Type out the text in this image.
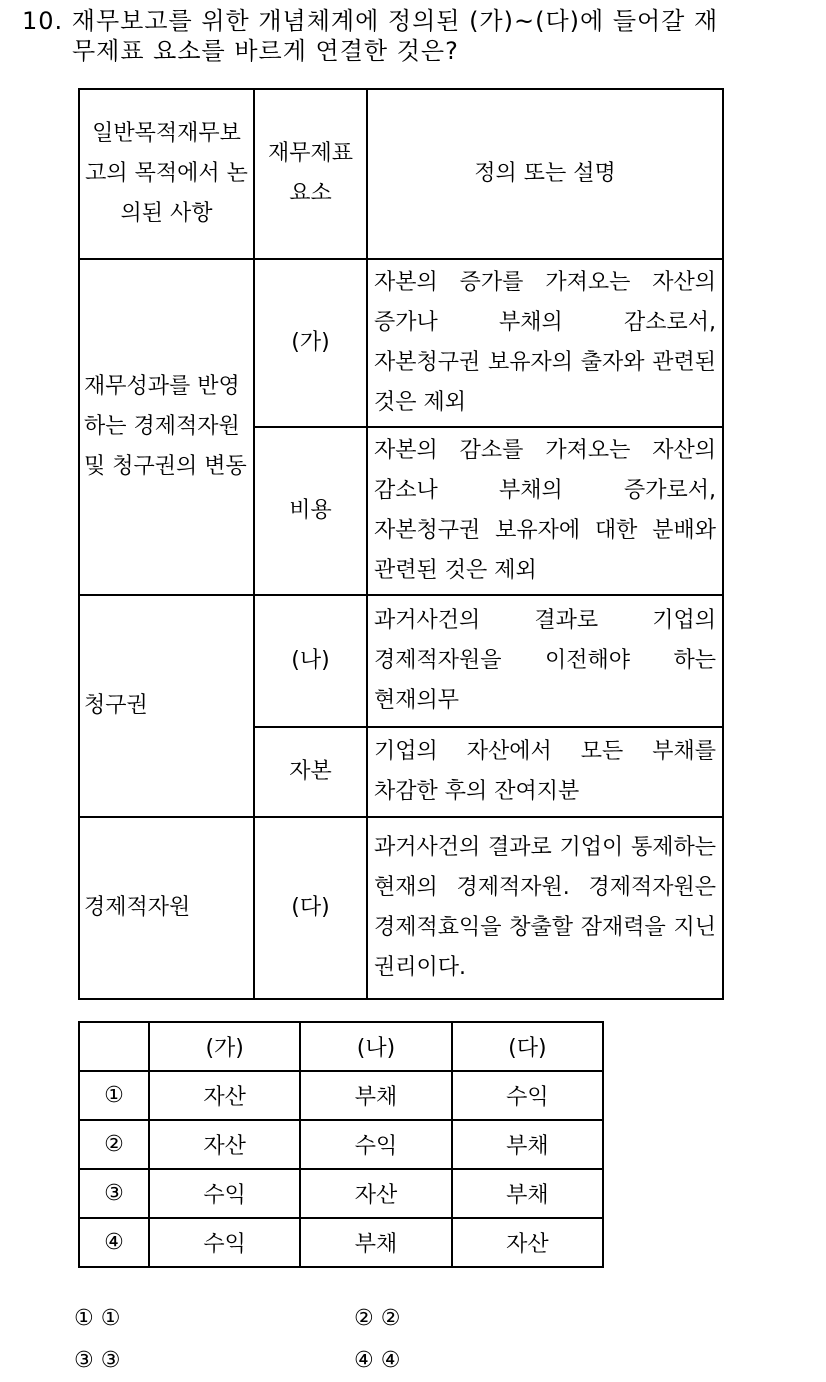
10. 재무보고를 위한 개념체계에 정의된 (가)~(다)에 들어갈 재

무제표 요소를 바르게 연결한 것은?
일반목적재무보고의 목적에서 논의된 사항	재무제표 요소	정의 또는 설명
재무성과를 반영하는 경제적자원 및 청구권의 변동	(가)	자본의 증가를 가져오는 자산의 증가나 부채의 감소로서, 자본청구권 보유자의 출자와 관련된 것은 제외
	비용	자본의 감소를 가져오는 자산의 감소나 부채의 증가로서, 자본청구권 보유자에 대한 분배와 관련된 것은 제외
청구권	(나)	과거사건의 결과로 기업의 경제적자원을 이전해야 하는 현재의무
	자본	기업의 자산에서 모든 부채를 차감한 후의 잔여지분
경제적자원	(다)	과거사건의 결과로 기업이 통제하는 현재의 경제적자원. 경제적자원은 경제적효익을 창출할 잠재력을 지닌 권리이다.
	(가)	(나)	(다)
①	자산	부채	수익
②	자산	수익	부채
③	수익	자산	부채
④	수익	부채	자산
① ①	② ②
③ ③	④ ④
